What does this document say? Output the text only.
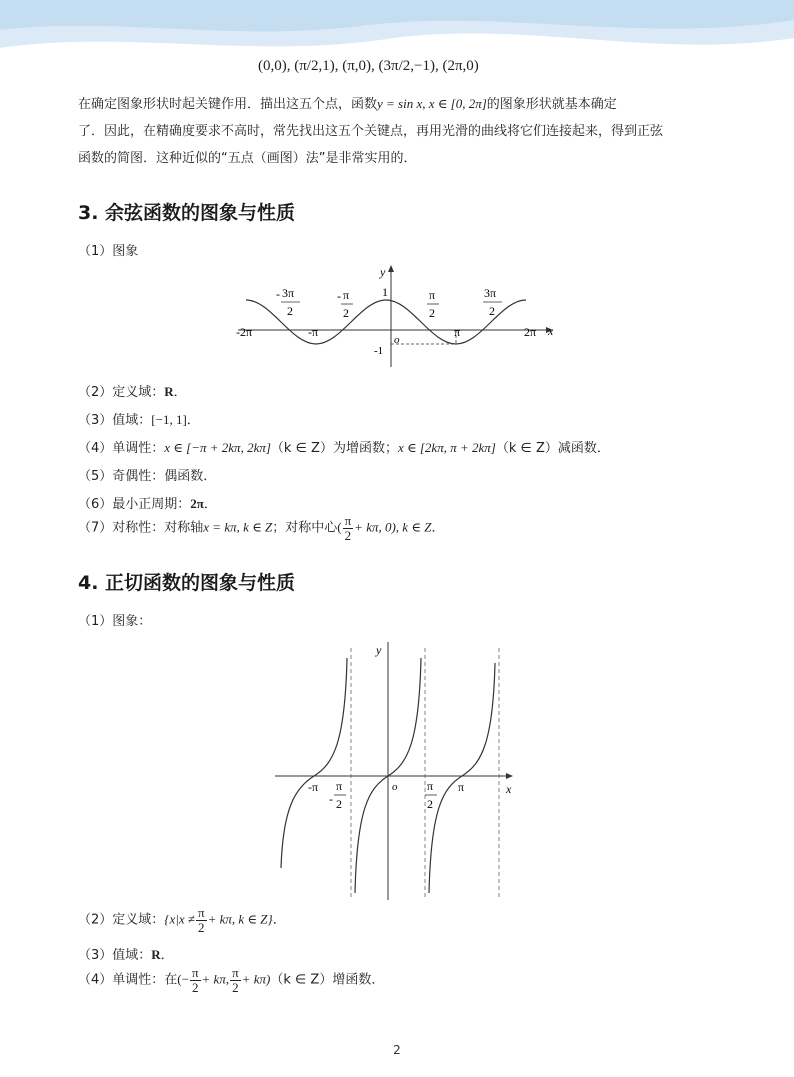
(0,0), (π/2,1), (π,0), (3π/2,−1), (2π,0)
在确定图象形状时起关键作用．描出这五个点，函数y = sin x, x ∈ [0, 2π]的图象形状就基本确定
了．因此，在精确度要求不高时，常先找出这五个关键点，再用光滑的曲线将它们连接起来，得到正弦
函数的简图．这种近似的“五点（画图）法”是非常实用的．
3. 余弦函数的图象与性质
（1）图象
y
x
1
-1
o
-2π	-π	π	2π
- 3π
2
- π
2
π
2
3π
2
（2）定义域：R．
（3）值域：[−1, 1]．
（4）单调性：x ∈ [−π + 2kπ, 2kπ]（k ∈ Z）为增函数；x ∈ [2kπ, π + 2kπ]（k ∈ Z）减函数．
（5）奇偶性：偶函数．
（6）最小正周期：2π．
（7）对称性：对称轴x = kπ, k ∈ Z；对称中心( $\frac{\pi}{2} + k\pi$, 0), k ∈ Z．
4. 正切函数的图象与性质
（1）图象：
y
x
o
-π	π
-
π
2
π
2
（2）定义域：{$x|x \ne \frac{\pi}{2} + k\pi$, k ∈ Z}．
（3）值域：R．
（4）单调性：在(− $\frac{\pi}{2} + k\pi$, $\frac{\pi}{2} + k\pi)(k$ ∈ Z）增函数．
2
